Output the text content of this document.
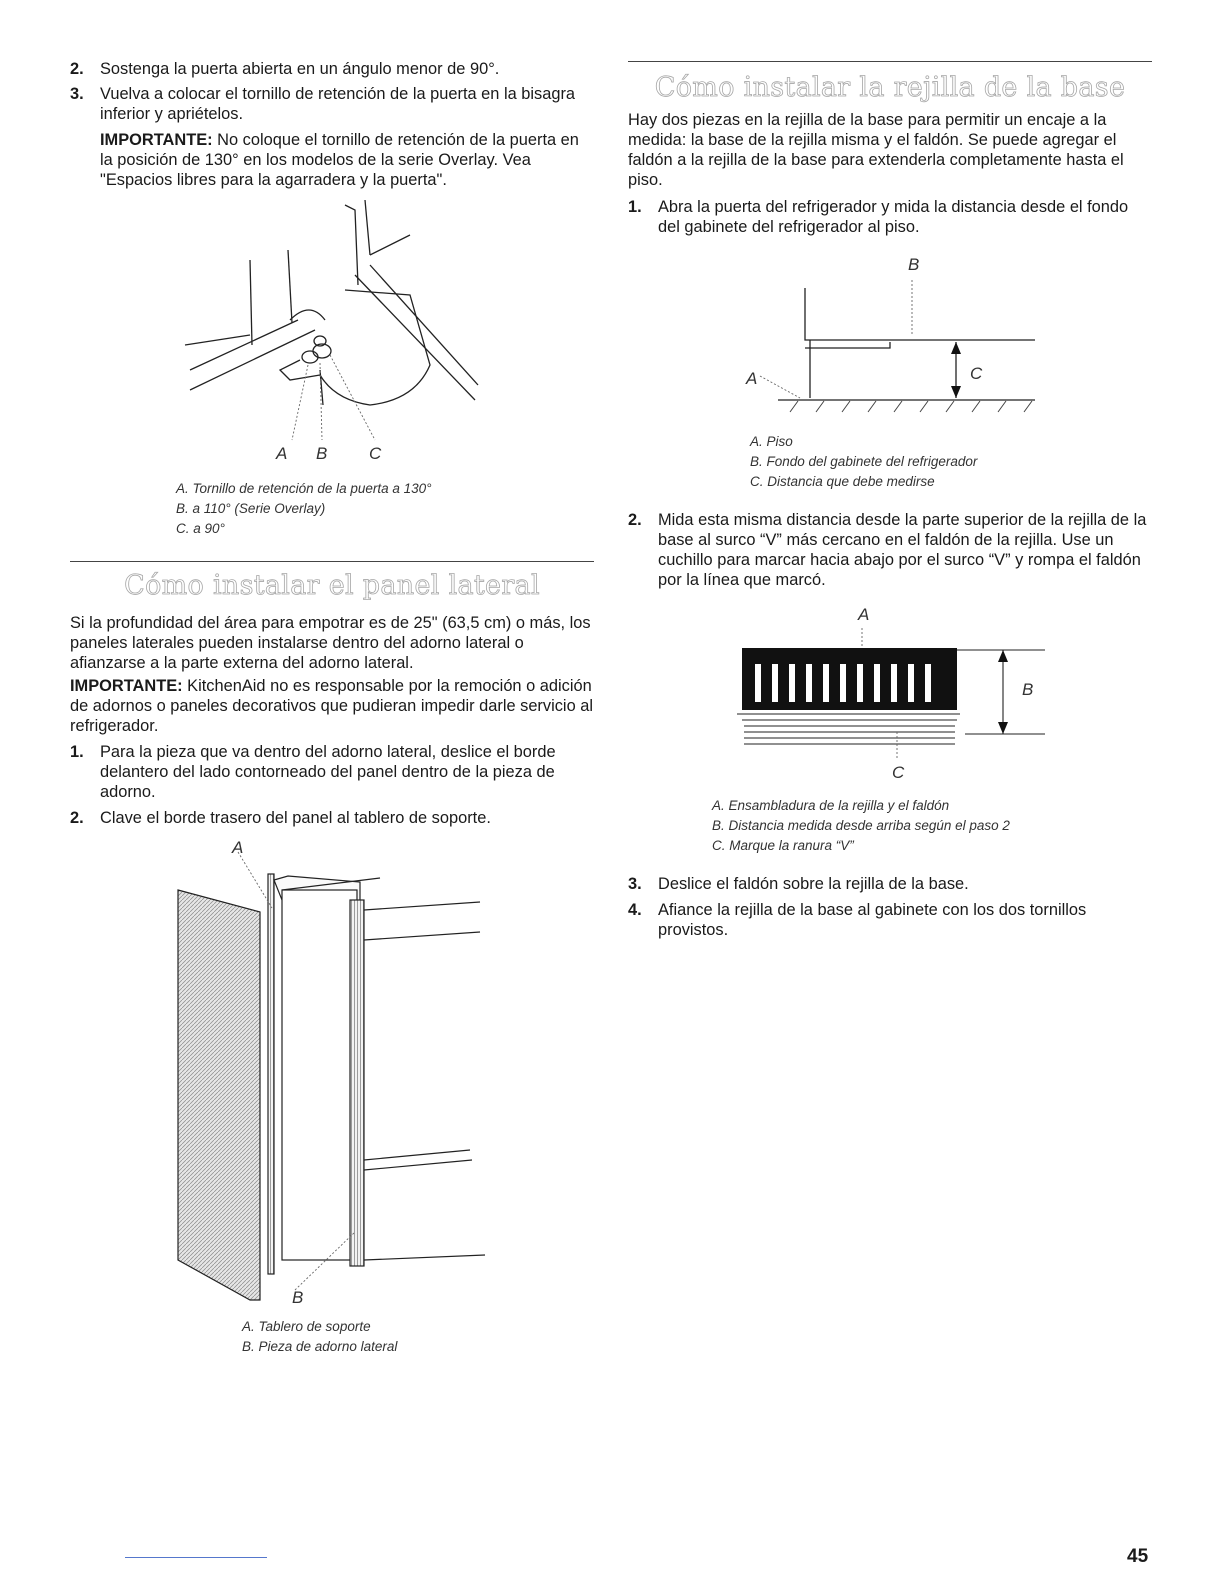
2. Sostenga la puerta abierta en un ángulo menor de 90°.
3. Vuelva a colocar el tornillo de retención de la puerta en la bisagra inferior y apriételos.

IMPORTANTE: No coloque el tornillo de retención de la puerta en la posición de 130° en los modelos de la serie Overlay. Vea "Espacios libres para la agarradera y la puerta".

A B C
A. Tornillo de retención de la puerta a 130°
B. a 110° (Serie Overlay)
C. a 90°
Cómo instalar el panel lateral

Si la profundidad del área para empotrar es de 25" (63,5 cm) o más, los paneles laterales pueden instalarse dentro del adorno lateral o afianzarse a la parte externa del adorno lateral.

IMPORTANTE: KitchenAid no es responsable por la remoción o adición de adornos o paneles decorativos que pudieran impedir darle servicio al refrigerador.

1. Para la pieza que va dentro del adorno lateral, deslice el borde delantero del lado contorneado del panel dentro de la pieza de adorno.
2. Clave el borde trasero del panel al tablero de soporte.
A
B
A. Tablero de soporte
B. Pieza de adorno lateral
Cómo instalar la rejilla de la base

Hay dos piezas en la rejilla de la base para permitir un encaje a la medida: la base de la rejilla misma y el faldón. Se puede agregar el faldón a la rejilla de la base para extenderla completamente hasta el piso.

1. Abra la puerta del refrigerador y mida la distancia desde el fondo del gabinete del refrigerador al piso.
B
A	C
A. Piso
B. Fondo del gabinete del refrigerador
C. Distancia que debe medirse
2. Mida esta misma distancia desde la parte superior de la rejilla de la base al surco “V” más cercano en el faldón de la rejilla. Use un cuchillo para marcar hacia abajo por el surco “V” y rompa el faldón por la línea que marcó.
A
B
C
A. Ensambladura de la rejilla y el faldón
B. Distancia medida desde arriba según el paso 2
C. Marque la ranura “V”
3. Deslice el faldón sobre la rejilla de la base.
4. Afiance la rejilla de la base al gabinete con los dos tornillos provistos.
45
